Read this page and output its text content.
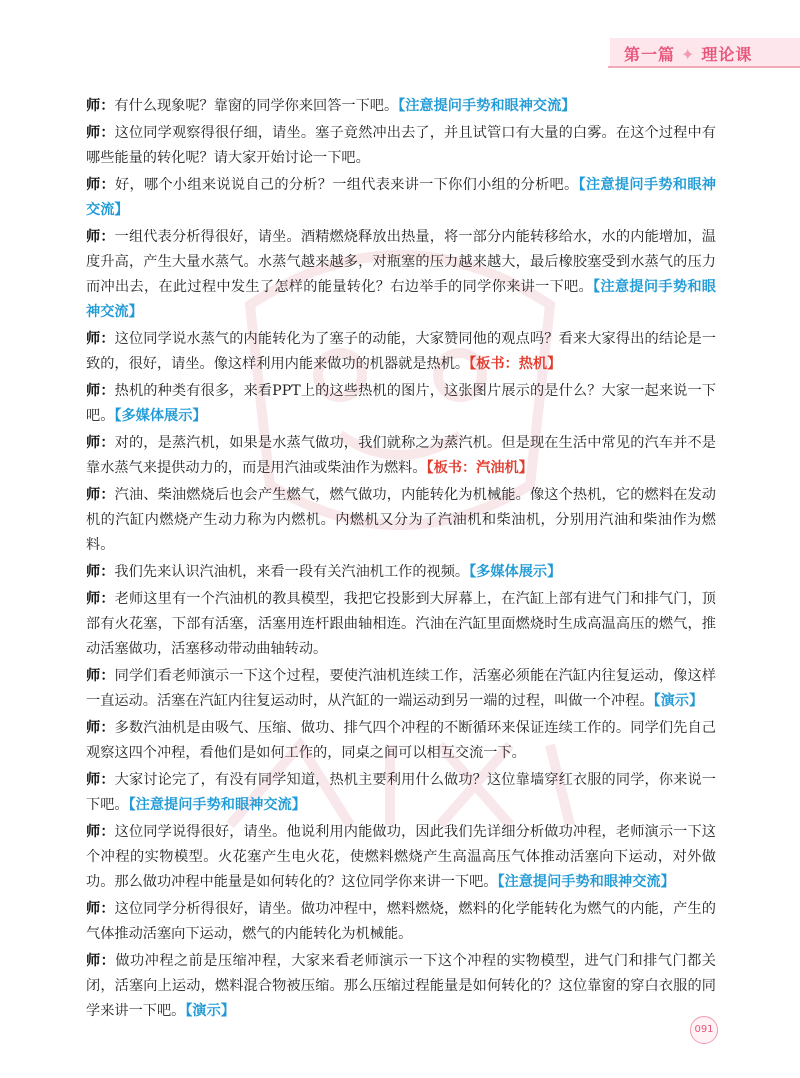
第一篇 ✦ 理论课

师：有什么现象呢？靠窗的同学你来回答一下吧。【注意提问手势和眼神交流】

师：这位同学观察得很仔细，请坐。塞子竟然冲出去了，并且试管口有大量的白雾。在这个过程中有哪些能量的转化呢？请大家开始讨论一下吧。

师：好，哪个小组来说说自己的分析？一组代表来讲一下你们小组的分析吧。【注意提问手势和眼神交流】

师：一组代表分析得很好，请坐。酒精燃烧释放出热量，将一部分内能转移给水，水的内能增加，温度升高，产生大量水蒸气。水蒸气越来越多，对瓶塞的压力越来越大，最后橡胶塞受到水蒸气的压力而冲出去，在此过程中发生了怎样的能量转化？右边举手的同学你来讲一下吧。【注意提问手势和眼神交流】

师：这位同学说水蒸气的内能转化为了塞子的动能，大家赞同他的观点吗？看来大家得出的结论是一致的，很好，请坐。像这样利用内能来做功的机器就是热机。【板书：热机】

师：热机的种类有很多，来看PPT上的这些热机的图片，这张图片展示的是什么？大家一起来说一下吧。【多媒体展示】

师：对的，是蒸汽机，如果是水蒸气做功，我们就称之为蒸汽机。但是现在生活中常见的汽车并不是靠水蒸气来提供动力的，而是用汽油或柴油作为燃料。【板书：汽油机】

师：汽油、柴油燃烧后也会产生燃气，燃气做功，内能转化为机械能。像这个热机，它的燃料在发动机的汽缸内燃烧产生动力称为内燃机。内燃机又分为了汽油机和柴油机，分别用汽油和柴油作为燃料。

师：我们先来认识汽油机，来看一段有关汽油机工作的视频。【多媒体展示】

师：老师这里有一个汽油机的教具模型，我把它投影到大屏幕上，在汽缸上部有进气门和排气门，顶部有火花塞，下部有活塞，活塞用连杆跟曲轴相连。汽油在汽缸里面燃烧时生成高温高压的燃气，推动活塞做功，活塞移动带动曲轴转动。

师：同学们看老师演示一下这个过程，要使汽油机连续工作，活塞必须能在汽缸内往复运动，像这样一直运动。活塞在汽缸内往复运动时，从汽缸的一端运动到另一端的过程，叫做一个冲程。【演示】

师：多数汽油机是由吸气、压缩、做功、排气四个冲程的不断循环来保证连续工作的。同学们先自己观察这四个冲程，看他们是如何工作的，同桌之间可以相互交流一下。

师：大家讨论完了，有没有同学知道，热机主要利用什么做功？这位靠墙穿红衣服的同学，你来说一下吧。【注意提问手势和眼神交流】

师：这位同学说得很好，请坐。他说利用内能做功，因此我们先详细分析做功冲程，老师演示一下这个冲程的实物模型。火花塞产生电火花，使燃料燃烧产生高温高压气体推动活塞向下运动，对外做功。那么做功冲程中能量是如何转化的？这位同学你来讲一下吧。【注意提问手势和眼神交流】

师：这位同学分析得很好，请坐。做功冲程中，燃料燃烧，燃料的化学能转化为燃气的内能，产生的气体推动活塞向下运动，燃气的内能转化为机械能。

师：做功冲程之前是压缩冲程，大家来看老师演示一下这个冲程的实物模型，进气门和排气门都关闭，活塞向上运动，燃料混合物被压缩。那么压缩过程能量是如何转化的？这位靠窗的穿白衣服的同学来讲一下吧。【演示】

091
